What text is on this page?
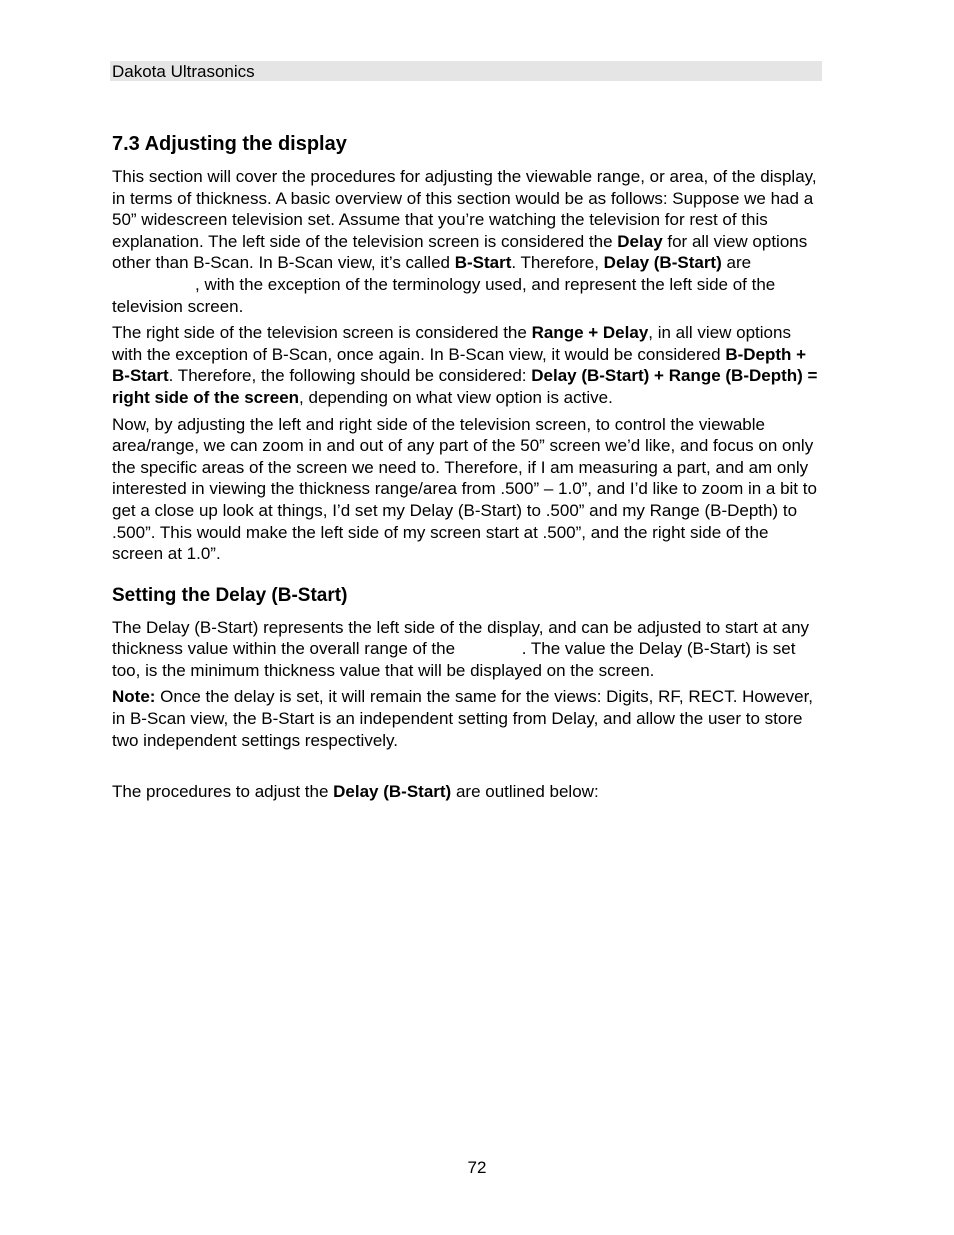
Dakota Ultrasonics
7.3 Adjusting the display

This section will cover the procedures for adjusting the viewable range, or area, of the display, in terms of thickness. A basic overview of this section would be as follows: Suppose we had a 50” widescreen television set. Assume that you’re watching the television for rest of this explanation. The left side of the television screen is considered the Delay for all view options other than B-Scan. In B-Scan view, it’s called B-Start. Therefore, Delay (B-Start) are , with the exception of the terminology used, and represent the left side of the television screen.

The right side of the television screen is considered the Range + Delay, in all view options with the exception of B-Scan, once again. In B-Scan view, it would be considered B-Depth + B-Start. Therefore, the following should be considered: Delay (B-Start) + Range (B-Depth) = right side of the screen, depending on what view option is active.

Now, by adjusting the left and right side of the television screen, to control the viewable area/range, we can zoom in and out of any part of the 50” screen we’d like, and focus on only the specific areas of the screen we need to. Therefore, if I am measuring a part, and am only interested in viewing the thickness range/area from .500” – 1.0”, and I’d like to zoom in a bit to get a close up look at things, I’d set my Delay (B-Start) to .500” and my Range (B-Depth) to .500”. This would make the left side of my screen start at .500”, and the right side of the screen at 1.0”.

Setting the Delay (B-Start)

The Delay (B-Start) represents the left side of the display, and can be adjusted to start at any thickness value within the overall range of the	. The value the Delay (B-Start) is set too, is the minimum thickness value that will be displayed on the screen.

Note: Once the delay is set, it will remain the same for the views: Digits, RF, RECT. However, in B-Scan view, the B-Start is an independent setting from Delay, and allow the user to store two independent settings respectively.

The procedures to adjust the Delay (B-Start) are outlined below:

72
